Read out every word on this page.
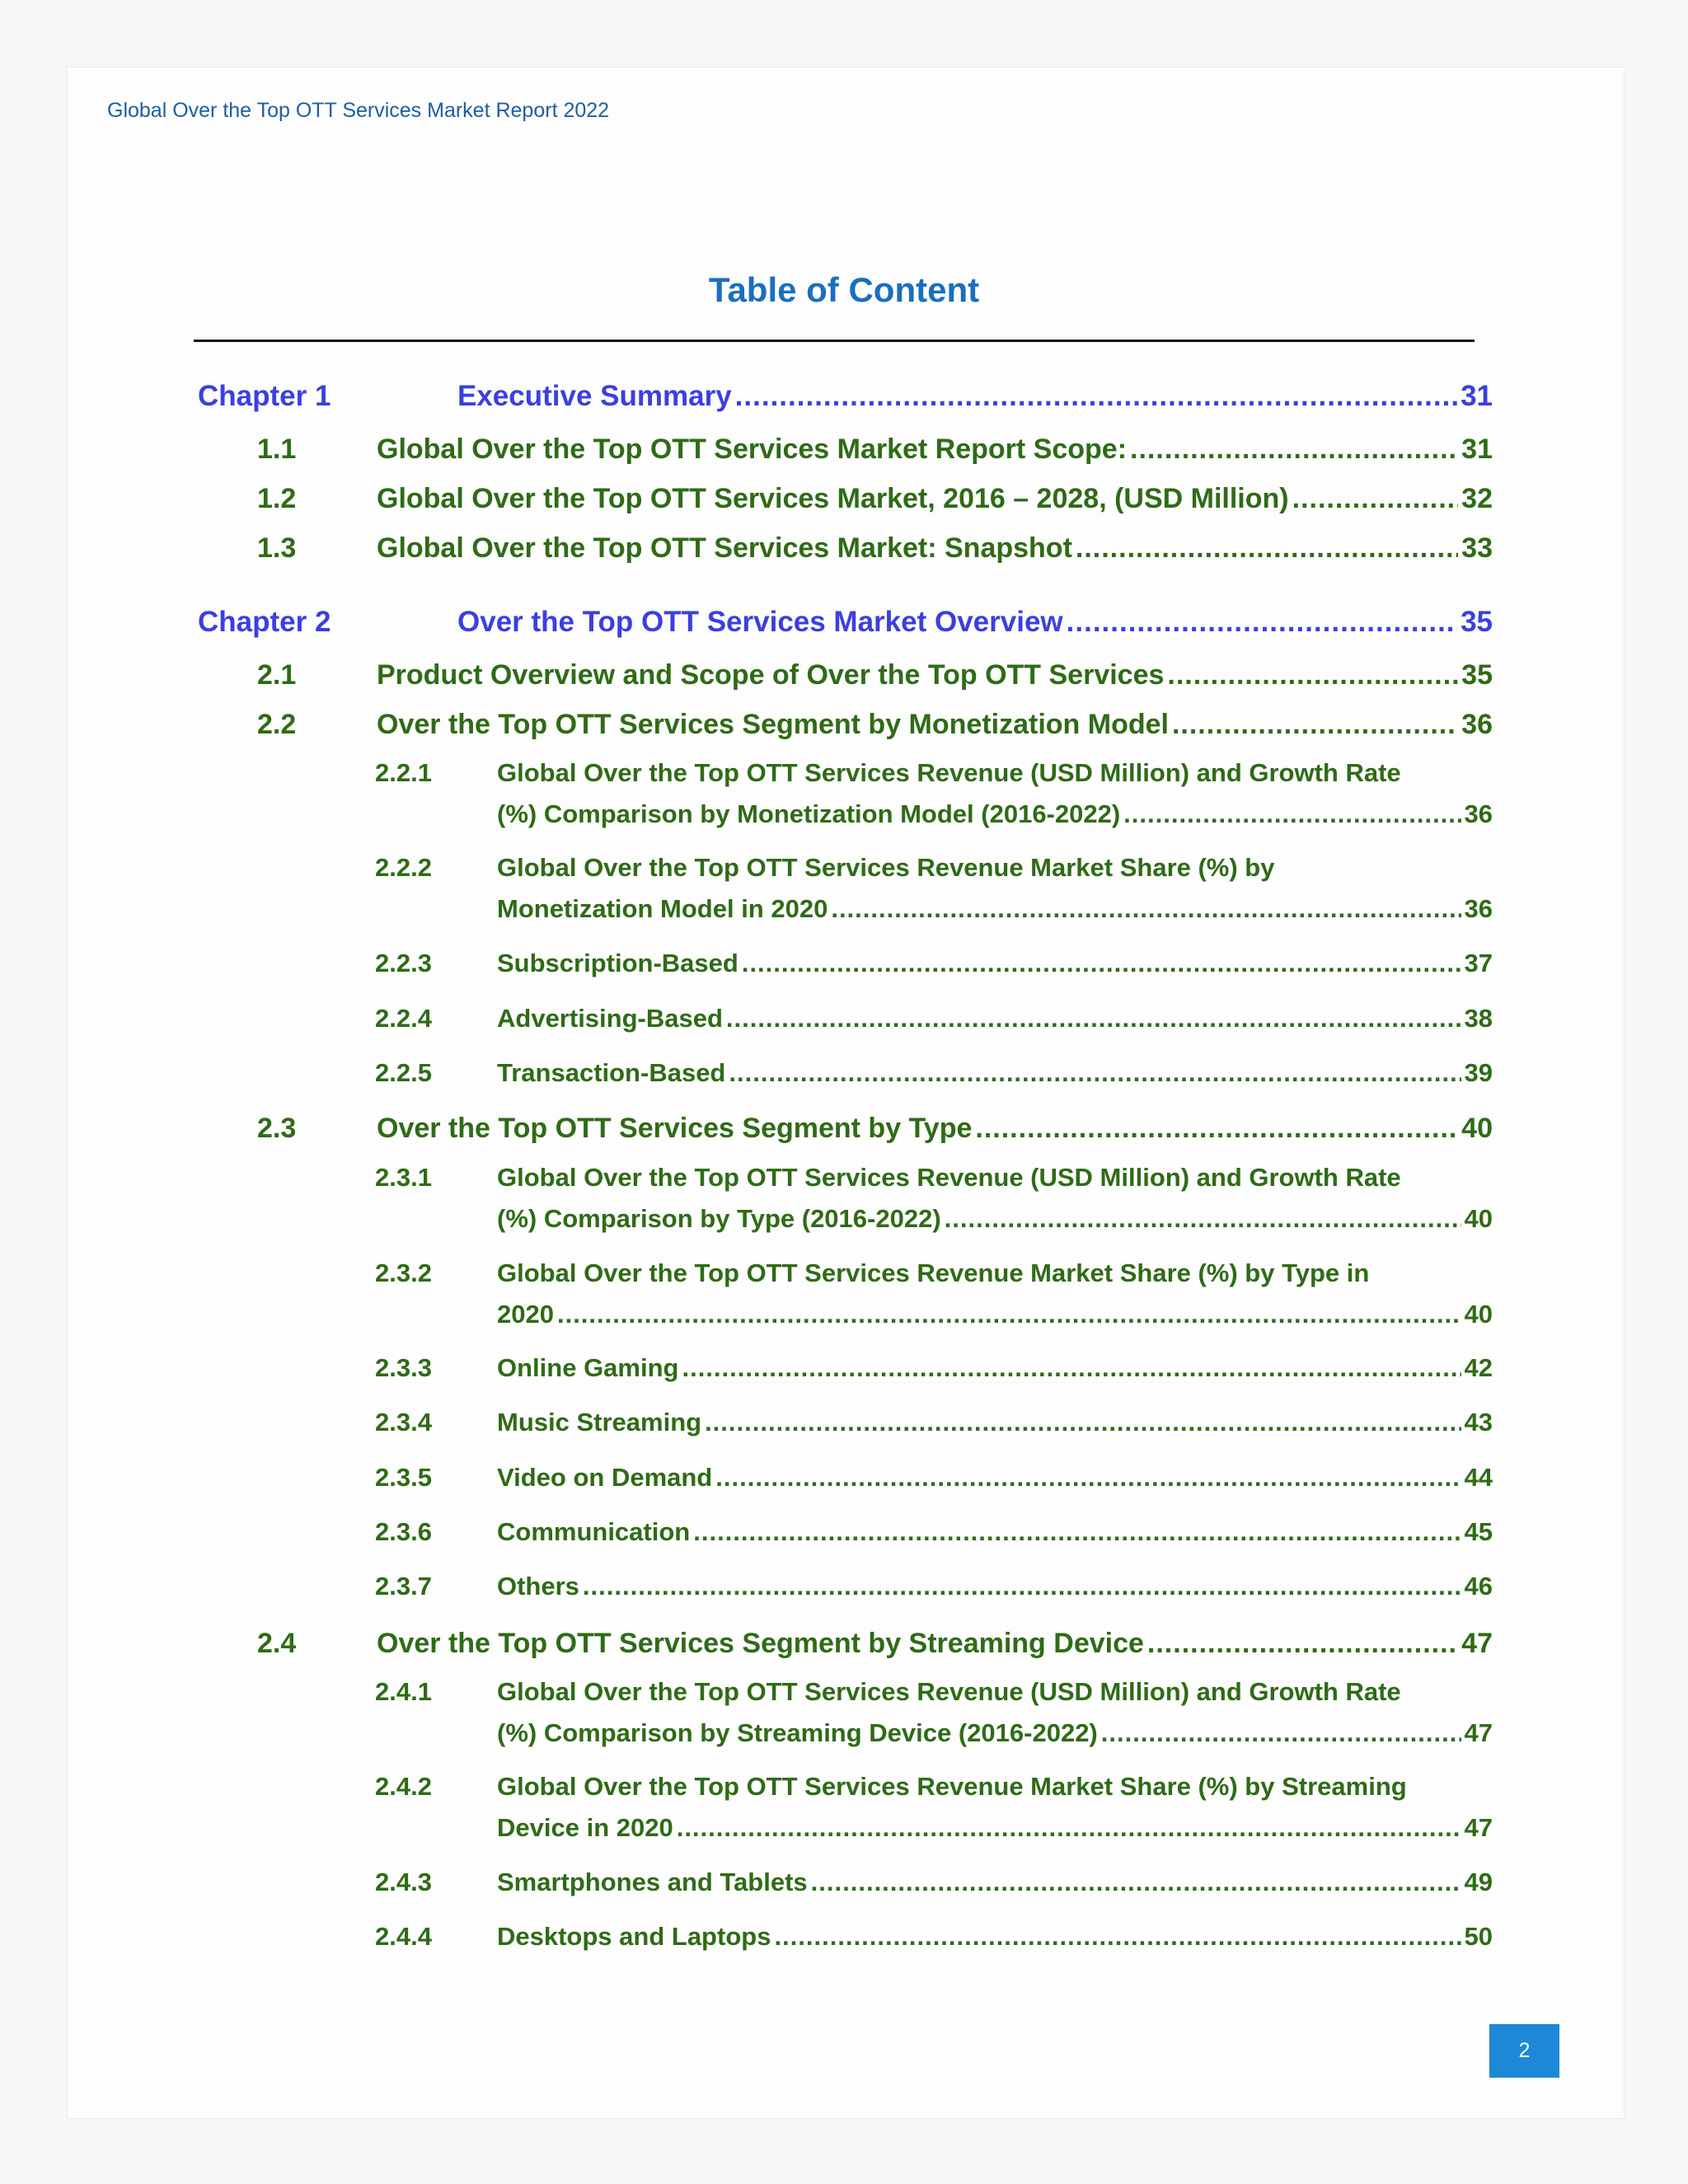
Global Over the Top OTT Services Market Report 2022
Table of Content
Chapter 1	Executive Summary .....	31
1.1	Global Over the Top OTT Services Market Report Scope: .....	31
1.2	Global Over the Top OTT Services Market, 2016 – 2028, (USD Million) .....	32
1.3	Global Over the Top OTT Services Market: Snapshot .....	33
Chapter 2	Over the Top OTT Services Market Overview .....	35
2.1	Product Overview and Scope of Over the Top OTT Services .....	35
2.2	Over the Top OTT Services Segment by Monetization Model .....	36
2.2.1	Global Over the Top OTT Services Revenue (USD Million) and Growth Rate
(%) Comparison by Monetization Model (2016-2022) .....	36
2.2.2	Global Over the Top OTT Services Revenue Market Share (%) by
Monetization Model in 2020 .....	36
2.2.3	Subscription-Based .....	37
2.2.4	Advertising-Based .....	38
2.2.5	Transaction-Based .....	39
2.3	Over the Top OTT Services Segment by Type .....	40
2.3.1	Global Over the Top OTT Services Revenue (USD Million) and Growth Rate
(%) Comparison by Type (2016-2022) .....	40
2.3.2	Global Over the Top OTT Services Revenue Market Share (%) by Type in
2020 .....	40
2.3.3	Online Gaming .....	42
2.3.4	Music Streaming .....	43
2.3.5	Video on Demand .....	44
2.3.6	Communication .....	45
2.3.7	Others .....	46
2.4	Over the Top OTT Services Segment by Streaming Device .....	47
2.4.1	Global Over the Top OTT Services Revenue (USD Million) and Growth Rate
(%) Comparison by Streaming Device (2016-2022) .....	47
2.4.2	Global Over the Top OTT Services Revenue Market Share (%) by Streaming
Device in 2020 .....	47
2.4.3	Smartphones and Tablets .....	49
2.4.4	Desktops and Laptops .....	50
2
